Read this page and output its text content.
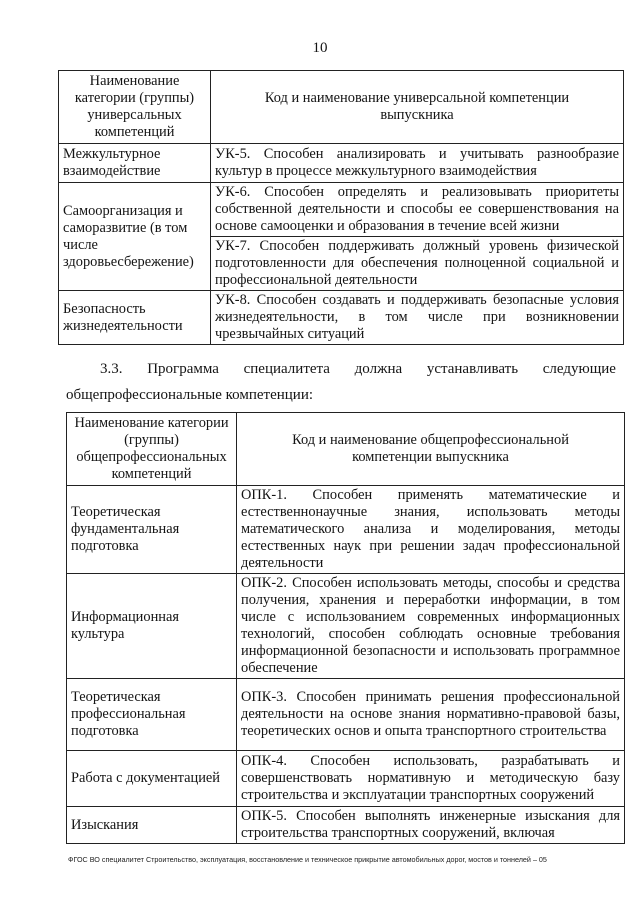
10
Наименование категории (группы) универсальных компетенций	Код и наименование универсальной компетенции выпускника
Межкультурное взаимодействие	УК-5. Способен анализировать и учитывать разнообразие культур в процессе межкультурного взаимодействия
Самоорганизация и саморазвитие (в том числе здоровьесбережение)	УК-6. Способен определять и реализовывать приоритеты собственной деятельности и способы ее совершенствования на основе самооценки и образования в течение всей жизни
	УК-7. Способен поддерживать должный уровень физической подготовленности для обеспечения полноценной социальной и профессиональной деятельности
Безопасность жизнедеятельности	УК-8. Способен создавать и поддерживать безопасные условия жизнедеятельности, в том числе при возникновении чрезвычайных ситуаций
3.3. Программа специалитета должна устанавливать следующие
общепрофессиональные компетенции:
Наименование категории (группы) общепрофессиональных компетенций	Код и наименование общепрофессиональной компетенции выпускника
Теоретическая фундаментальная подготовка	ОПК-1. Способен применять математические и естественнонаучные знания, использовать методы математического анализа и моделирования, методы естественных наук при решении задач профессиональной деятельности
Информационная культура	ОПК-2. Способен использовать методы, способы и средства получения, хранения и переработки информации, в том числе с использованием современных информационных технологий, способен соблюдать основные требования информационной безопасности и использовать программное обеспечение
Теоретическая профессиональная подготовка	ОПК-3. Способен принимать решения профессиональной деятельности на основе знания нормативно-правовой базы, теоретических основ и опыта транспортного строительства
Работа с документацией	ОПК-4. Способен использовать, разрабатывать и совершенствовать нормативную и методическую базу строительства и эксплуатации транспортных сооружений
Изыскания	ОПК-5. Способен выполнять инженерные изыскания для строительства транспортных сооружений, включая
ФГОС ВО специалитет Строительство, эксплуатация, восстановление и техническое прикрытие автомобильных дорог, мостов и тоннелей – 05
